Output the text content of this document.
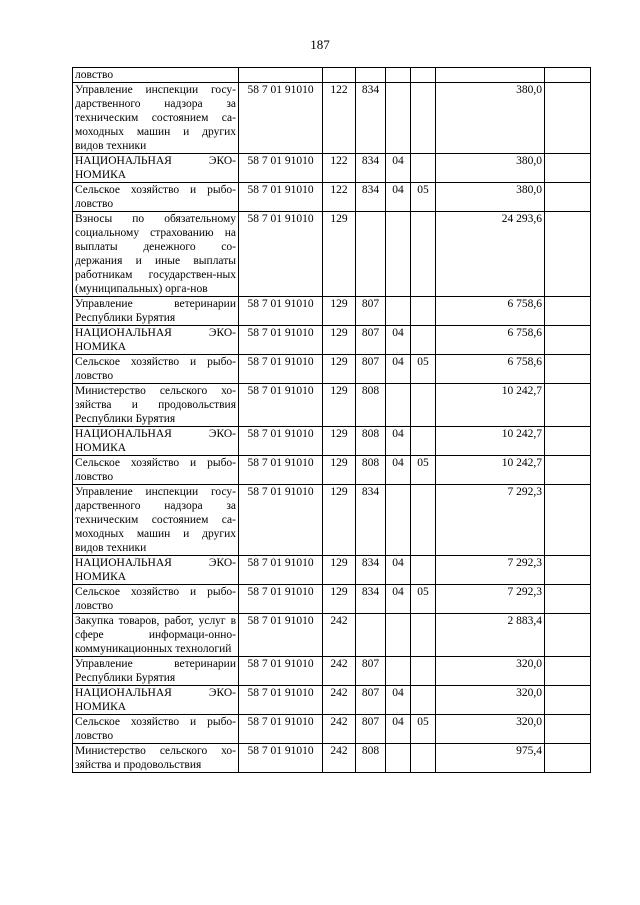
187
ловство							
Управление инспекции госу-дарственного надзора за техническим состоянием са-моходных машин и других видов техники	58 7 01 91010	122	834			380,0	
НАЦИОНАЛЬНАЯ ЭКО-НОМИКА	58 7 01 91010	122	834	04		380,0	
Сельское хозяйство и рыбо-ловство	58 7 01 91010	122	834	04	05	380,0	
Взносы по обязательному социальному страхованию на выплаты денежного со-держания и иные выплаты работникам государствен-ных (муниципальных) орга-нов	58 7 01 91010	129				24 293,6	
Управление ветеринарии Республики Бурятия	58 7 01 91010	129	807			6 758,6	
НАЦИОНАЛЬНАЯ ЭКО-НОМИКА	58 7 01 91010	129	807	04		6 758,6	
Сельское хозяйство и рыбо-ловство	58 7 01 91010	129	807	04	05	6 758,6	
Министерство сельского хо-зяйства и продовольствия Республики Бурятия	58 7 01 91010	129	808			10 242,7	
НАЦИОНАЛЬНАЯ ЭКО-НОМИКА	58 7 01 91010	129	808	04		10 242,7	
Сельское хозяйство и рыбо-ловство	58 7 01 91010	129	808	04	05	10 242,7	
Управление инспекции госу-дарственного надзора за техническим состоянием са-моходных машин и других видов техники	58 7 01 91010	129	834			7 292,3	
НАЦИОНАЛЬНАЯ ЭКО-НОМИКА	58 7 01 91010	129	834	04		7 292,3	
Сельское хозяйство и рыбо-ловство	58 7 01 91010	129	834	04	05	7 292,3	
Закупка товаров, работ, услуг в сфере информаци-онно-коммуникационных технологий	58 7 01 91010	242				2 883,4	
Управление ветеринарии Республики Бурятия	58 7 01 91010	242	807			320,0	
НАЦИОНАЛЬНАЯ ЭКО-НОМИКА	58 7 01 91010	242	807	04		320,0	
Сельское хозяйство и рыбо-ловство	58 7 01 91010	242	807	04	05	320,0	
Министерство сельского хо-зяйства и продовольствия	58 7 01 91010	242	808			975,4	
